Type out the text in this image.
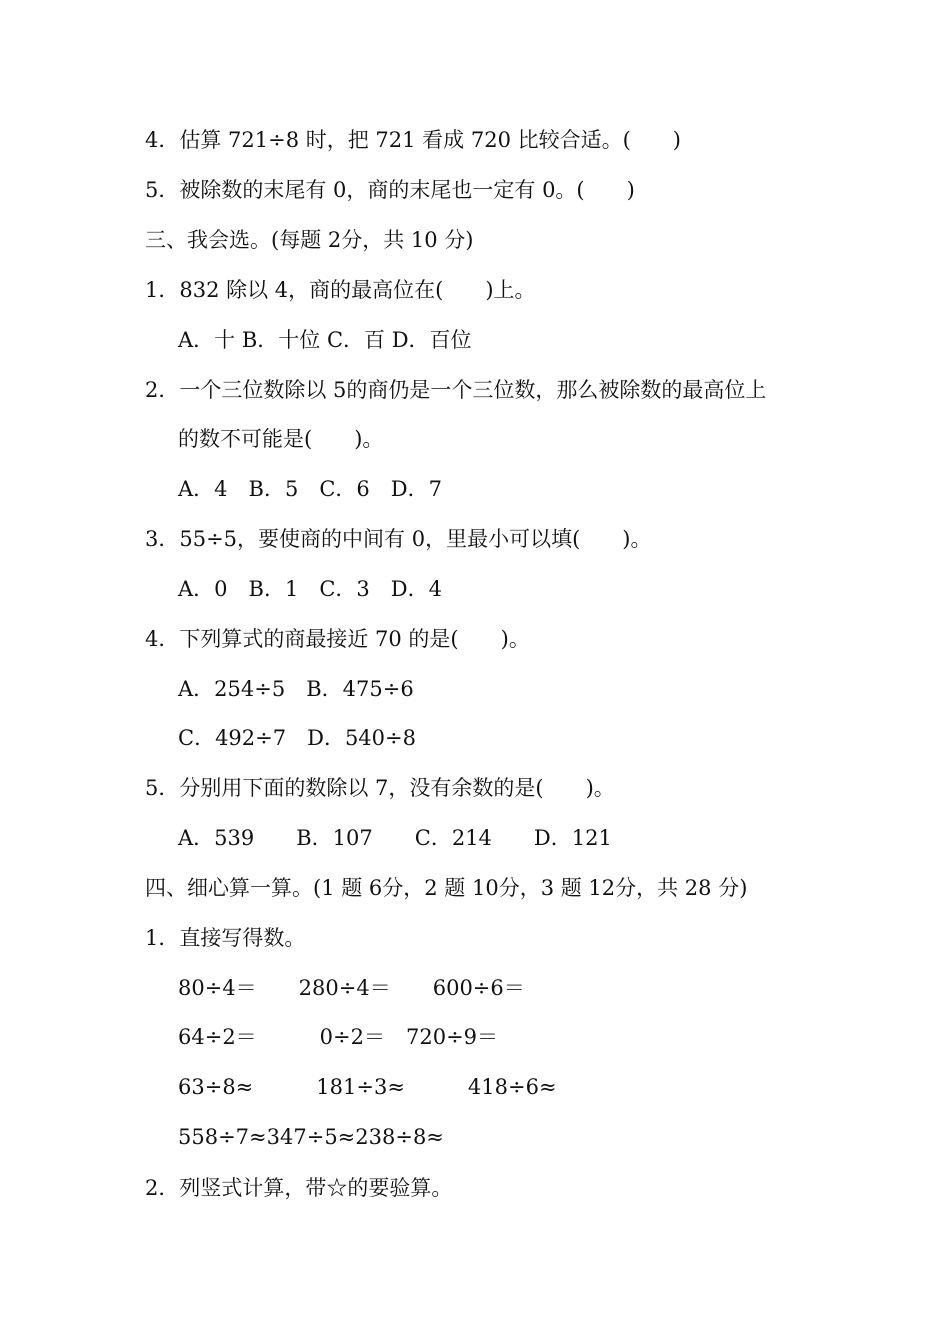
4．估算 721÷8 时，把 721 看成 720 比较合适。(　　)
5．被除数的末尾有 0，商的末尾也一定有 0。(　　)
三、我会选。(每题 2分，共 10 分)
1．832 除以 4，商的最高位在(　　)上。
A．十 B．十位 C．百 D．百位
2．一个三位数除以 5的商仍是一个三位数，那么被除数的最高位上
的数不可能是(　　)。
A．4　B．5　C．6　D．7
3．55÷5，要使商的中间有 0，里最小可以填(　　)。
A．0　B．1　C．3　D．4
4．下列算式的商最接近 70 的是(　　)。
A．254÷5　B．475÷6
C．492÷7　D．540÷8
5．分别用下面的数除以 7，没有余数的是(　　)。
A．539　　B．107　　C．214　　D．121
四、细心算一算。(1 题 6分，2 题 10分，3 题 12分，共 28 分)
1．直接写得数。
80÷4＝　　280÷4＝　　600÷6＝
64÷2＝　　　0÷2＝　720÷9＝
63÷8≈　　　181÷3≈　　　418÷6≈
558÷7≈347÷5≈238÷8≈
2．列竖式计算，带☆的要验算。
